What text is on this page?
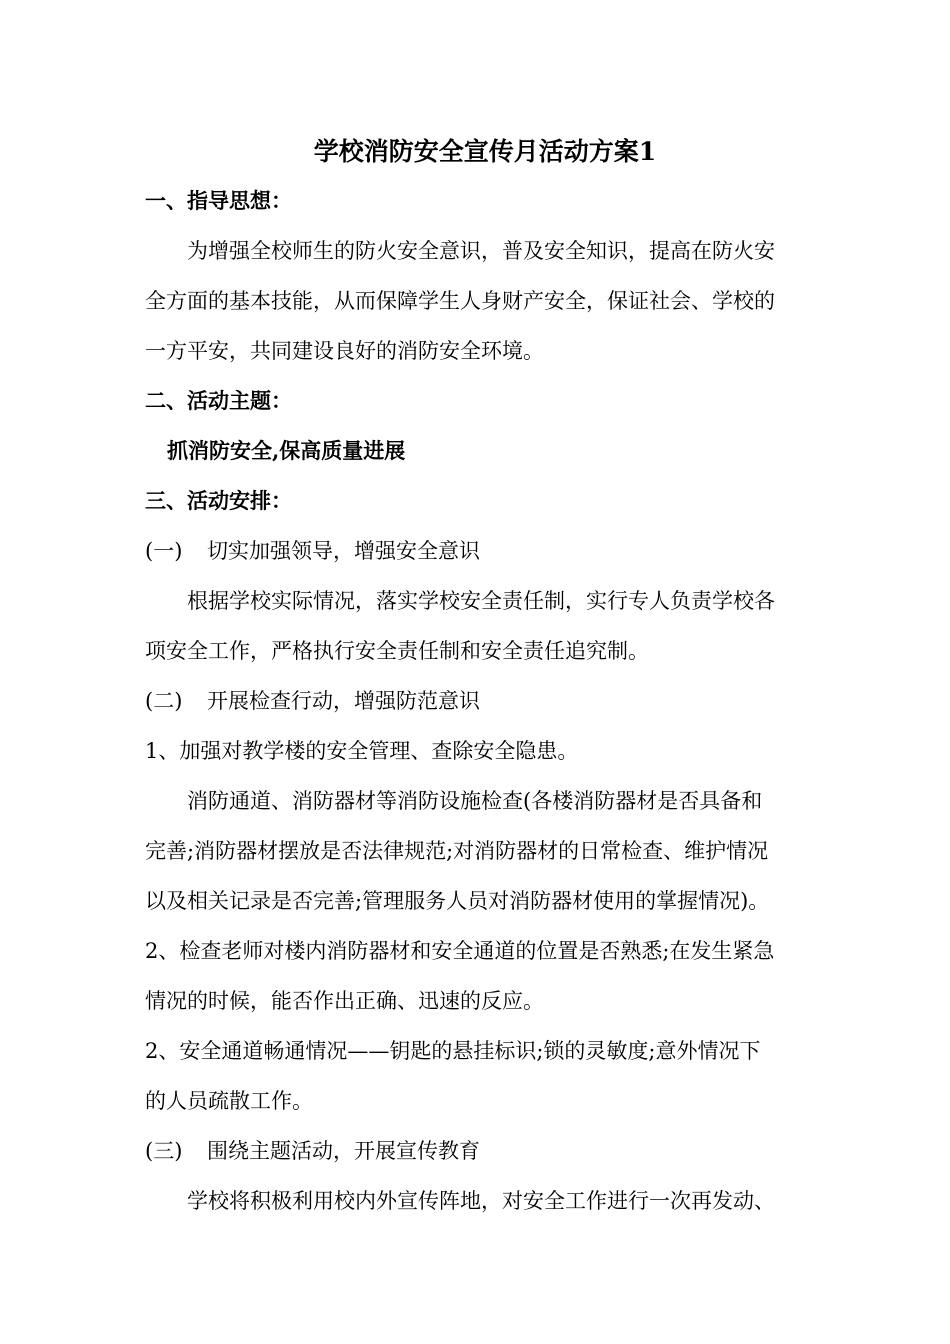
学校消防安全宣传月活动方案1
一、指导思想：
为增强全校师生的防火安全意识，普及安全知识，提高在防火安
全方面的基本技能，从而保障学生人身财产安全，保证社会、学校的
一方平安，共同建设良好的消防安全环境。
二、活动主题：
抓消防安全,保高质量进展
三、活动安排：
(一) 切实加强领导，增强安全意识
根据学校实际情况，落实学校安全责任制，实行专人负责学校各
项安全工作，严格执行安全责任制和安全责任追究制。
(二) 开展检查行动，增强防范意识
1、加强对教学楼的安全管理、查除安全隐患。
消防通道、消防器材等消防设施检查(各楼消防器材是否具备和
完善;消防器材摆放是否法律规范;对消防器材的日常检查、维护情况
以及相关记录是否完善;管理服务人员对消防器材使用的掌握情况)。
2、检查老师对楼内消防器材和安全通道的位置是否熟悉;在发生紧急
情况的时候，能否作出正确、迅速的反应。
2、安全通道畅通情况——钥匙的悬挂标识;锁的灵敏度;意外情况下
的人员疏散工作。
(三) 围绕主题活动，开展宣传教育
学校将积极利用校内外宣传阵地，对安全工作进行一次再发动、
